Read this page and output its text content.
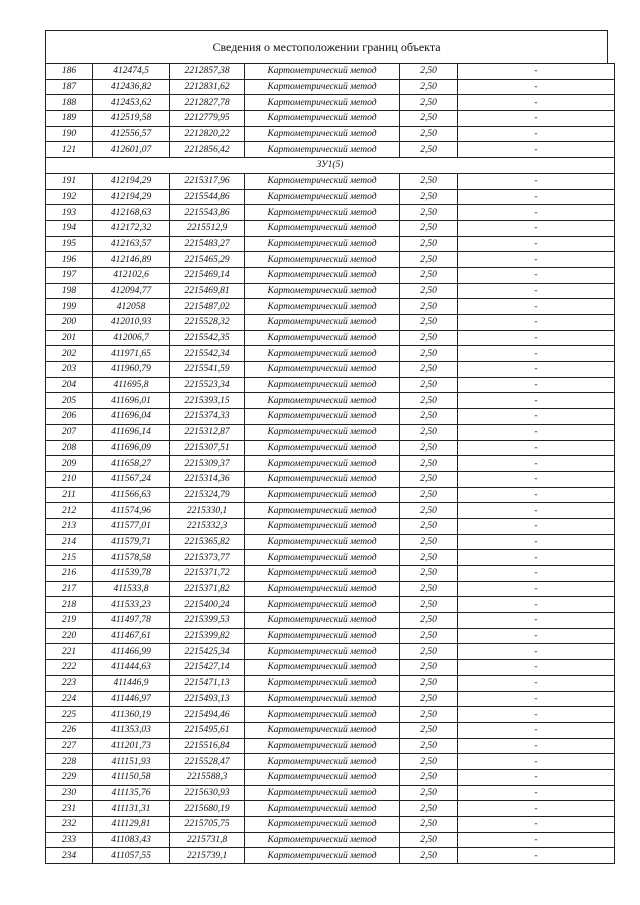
Сведения о местоположении границ объекта
186	412474,5	2212857,38	Картометрический метод	2,50	-
187	412436,82	2212831,62	Картометрический метод	2,50	-
188	412453,62	2212827,78	Картометрический метод	2,50	-
189	412519,58	2212779,95	Картометрический метод	2,50	-
190	412556,57	2212820,22	Картометрический метод	2,50	-
121	412601,07	2212856,42	Картометрический метод	2,50	-
ЗУ1(5)					
191	412194,29	2215317,96	Картометрический метод	2,50	-
192	412194,29	2215544,86	Картометрический метод	2,50	-
193	412168,63	2215543,86	Картометрический метод	2,50	-
194	412172,32	2215512,9	Картометрический метод	2,50	-
195	412163,57	2215483,27	Картометрический метод	2,50	-
196	412146,89	2215465,29	Картометрический метод	2,50	-
197	412102,6	2215469,14	Картометрический метод	2,50	-
198	412094,77	2215469,81	Картометрический метод	2,50	-
199	412058	2215487,02	Картометрический метод	2,50	-
200	412010,93	2215528,32	Картометрический метод	2,50	-
201	412006,7	2215542,35	Картометрический метод	2,50	-
202	411971,65	2215542,34	Картометрический метод	2,50	-
203	411960,79	2215541,59	Картометрический метод	2,50	-
204	411695,8	2215523,34	Картометрический метод	2,50	-
205	411696,01	2215393,15	Картометрический метод	2,50	-
206	411696,04	2215374,33	Картометрический метод	2,50	-
207	411696,14	2215312,87	Картометрический метод	2,50	-
208	411696,09	2215307,51	Картометрический метод	2,50	-
209	411658,27	2215309,37	Картометрический метод	2,50	-
210	411567,24	2215314,36	Картометрический метод	2,50	-
211	411566,63	2215324,79	Картометрический метод	2,50	-
212	411574,96	2215330,1	Картометрический метод	2,50	-
213	411577,01	2215332,3	Картометрический метод	2,50	-
214	411579,71	2215365,82	Картометрический метод	2,50	-
215	411578,58	2215373,77	Картометрический метод	2,50	-
216	411539,78	2215371,72	Картометрический метод	2,50	-
217	411533,8	2215371,82	Картометрический метод	2,50	-
218	411533,23	2215400,24	Картометрический метод	2,50	-
219	411497,78	2215399,53	Картометрический метод	2,50	-
220	411467,61	2215399,82	Картометрический метод	2,50	-
221	411466,99	2215425,34	Картометрический метод	2,50	-
222	411444,63	2215427,14	Картометрический метод	2,50	-
223	411446,9	2215471,13	Картометрический метод	2,50	-
224	411446,97	2215493,13	Картометрический метод	2,50	-
225	411360,19	2215494,46	Картометрический метод	2,50	-
226	411353,03	2215495,61	Картометрический метод	2,50	-
227	411201,73	2215516,84	Картометрический метод	2,50	-
228	411151,93	2215528,47	Картометрический метод	2,50	-
229	411150,58	2215588,3	Картометрический метод	2,50	-
230	411135,76	2215630,93	Картометрический метод	2,50	-
231	411131,31	2215680,19	Картометрический метод	2,50	-
232	411129,81	2215705,75	Картометрический метод	2,50	-
233	411083,43	2215731,8	Картометрический метод	2,50	-
234	411057,55	2215739,1	Картометрический метод	2,50	-
